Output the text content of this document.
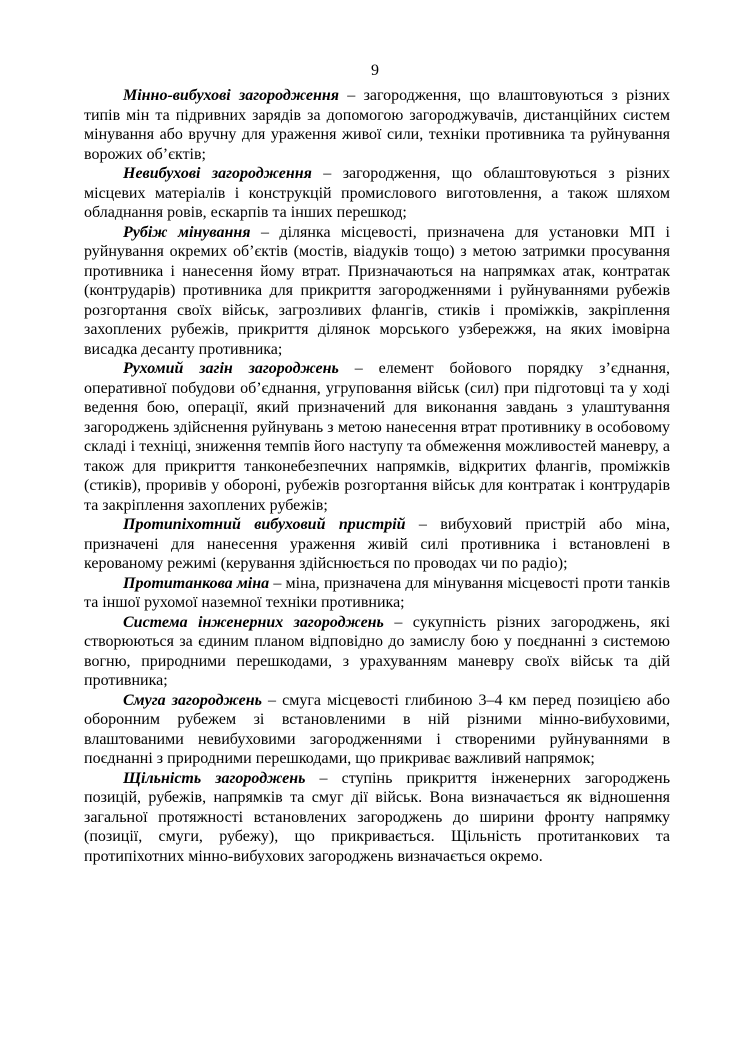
9

Мінно-вибухові загородження – загородження, що влаштовуються з різних типів мін та підривних зарядів за допомогою загороджувачів, дистанційних систем мінування або вручну для ураження живої сили, техніки противника та руйнування ворожих об’єктів;

Невибухові загородження – загородження, що облаштовуються з різних місцевих матеріалів і конструкцій промислового виготовлення, а також шляхом обладнання ровів, ескарпів та інших перешкод;

Рубіж мінування – ділянка місцевості, призначена для установки МП і руйнування окремих об’єктів (мостів, віадуків тощо) з метою затримки просування противника і нанесення йому втрат. Призначаються на напрямках атак, контратак (контрударів) противника для прикриття загородженнями і руйнуваннями рубежів розгортання своїх військ, загрозливих флангів, стиків і проміжків, закріплення захоплених рубежів, прикриття ділянок морського узбережжя, на яких імовірна висадка десанту противника;

Рухомий загін загороджень – елемент бойового порядку з’єднання, оперативної побудови об’єднання, угруповання військ (сил) при підготовці та у ході ведення бою, операції, який призначений для виконання завдань з улаштування загороджень здійснення руйнувань з метою нанесення втрат противнику в особовому складі і техніці, зниження темпів його наступу та обмеження можливостей маневру, а також для прикриття танконебезпечних напрямків, відкритих флангів, проміжків (стиків), проривів у обороні, рубежів розгортання військ для контратак і контрударів та закріплення захоплених рубежів;

Протипіхотний вибуховий пристрій – вибуховий пристрій або міна, призначені для нанесення ураження живій силі противника і встановлені в керованому режимі (керування здійснюється по проводах чи по радіо);

Протитанкова міна – міна, призначена для мінування місцевості проти танків та іншої рухомої наземної техніки противника;

Система інженерних загороджень – сукупність різних загороджень, які створюються за єдиним планом відповідно до замислу бою у поєднанні з системою вогню, природними перешкодами, з урахуванням маневру своїх військ та дій противника;

Смуга загороджень – смуга місцевості глибиною 3–4 км перед позицією або оборонним рубежем зі встановленими в ній різними мінно-вибуховими, влаштованими невибуховими загородженнями і створеними руйнуваннями в поєднанні з природними перешкодами, що прикриває важливий напрямок;

Щільність загороджень – ступінь прикриття інженерних загороджень позицій, рубежів, напрямків та смуг дії військ. Вона визначається як відношення загальної протяжності встановлених загороджень до ширини фронту напрямку (позиції, смуги, рубежу), що прикривається. Щільність протитанкових та протипіхотних мінно-вибухових загороджень визначається окремо.
